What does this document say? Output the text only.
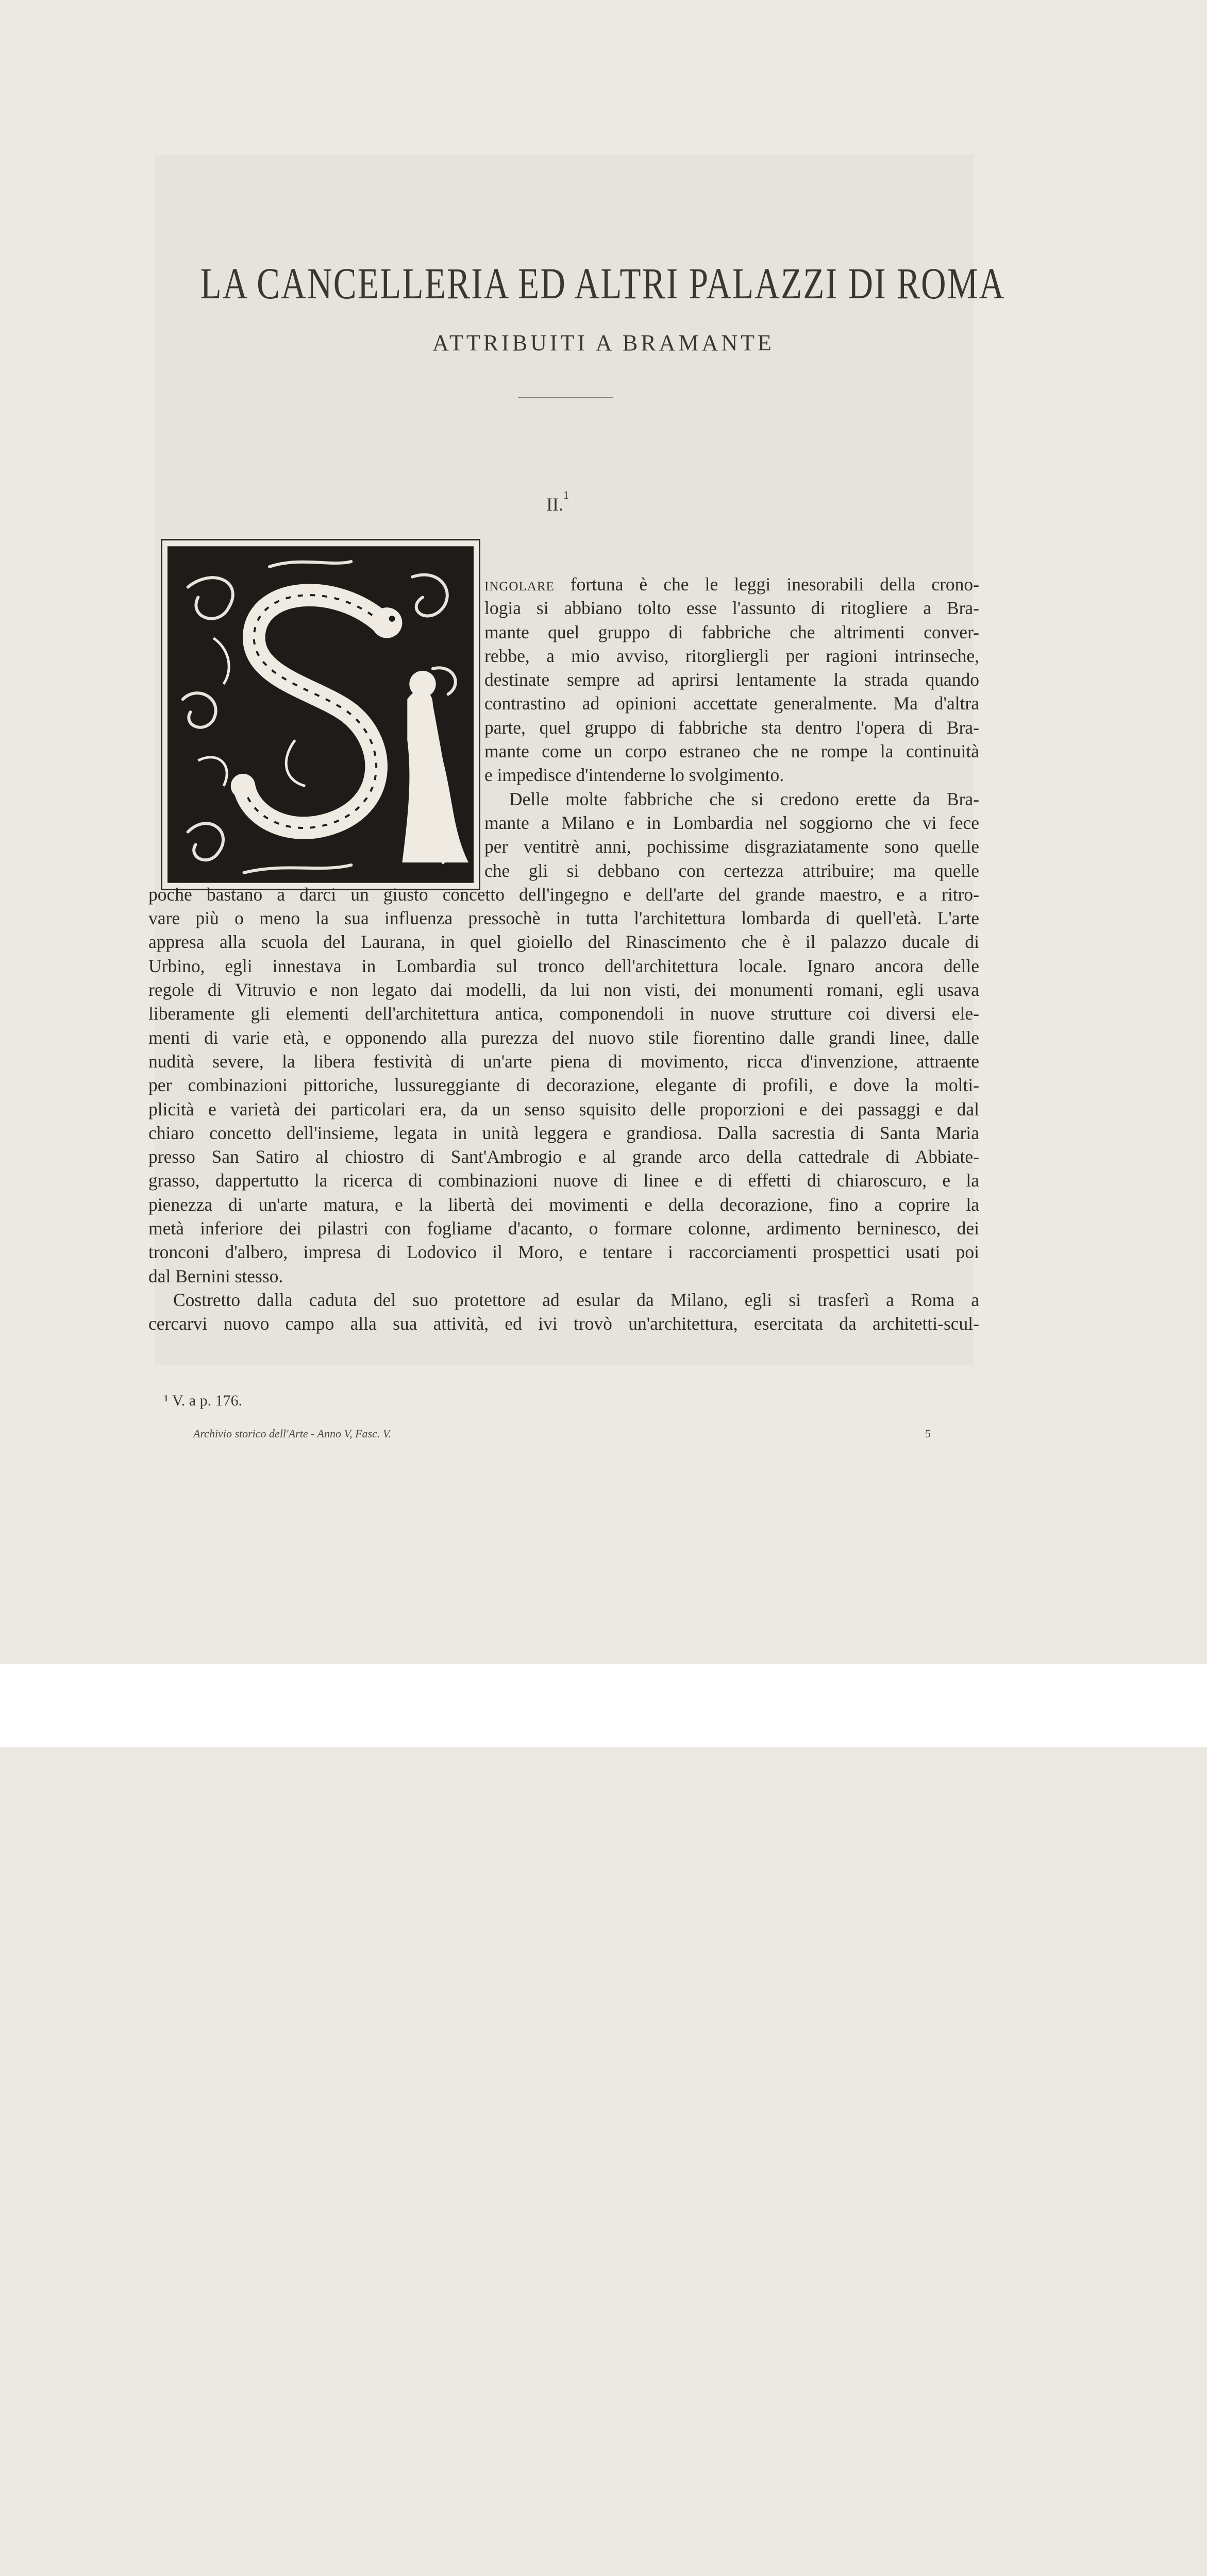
LA CANCELLERIA ED ALTRI PALAZZI DI ROMA
ATTRIBUITI A BRAMANTE
II.$^1$
ingolare fortuna è che le leggi inesorabili della crono-
logia si abbiano tolto esse l'assunto di ritogliere a Bra-
mante quel gruppo di fabbriche che altrimenti conver-
rebbe, a mio avviso, ritorgliergli per ragioni intrinseche,
destinate sempre ad aprirsi lentamente la strada quando
contrastino ad opinioni accettate generalmente. Ma d'altra
parte, quel gruppo di fabbriche sta dentro l'opera di Bra-
mante come un corpo estraneo che ne rompe la continuità
e impedisce d'intenderne lo svolgimento.
Delle molte fabbriche che si credono erette da Bra-
mante a Milano e in Lombardia nel soggiorno che vi fece
per ventitrè anni, pochissime disgraziatamente sono quelle
che gli si debbano con certezza attribuire; ma quelle
poche bastano a darci un giusto concetto dell'ingegno e dell'arte del grande maestro, e a ritro-
vare più o meno la sua influenza pressochè in tutta l'architettura lombarda di quell'età. L'arte
appresa alla scuola del Laurana, in quel gioiello del Rinascimento che è il palazzo ducale di
Urbino, egli innestava in Lombardia sul tronco dell'architettura locale. Ignaro ancora delle
regole di Vitruvio e non legato dai modelli, da lui non visti, dei monumenti romani, egli usava
liberamente gli elementi dell'architettura antica, componendoli in nuove strutture coi diversi ele-
menti di varie età, e opponendo alla purezza del nuovo stile fiorentino dalle grandi linee, dalle
nudità severe, la libera festività di un'arte piena di movimento, ricca d'invenzione, attraente
per combinazioni pittoriche, lussureggiante di decorazione, elegante di profili, e dove la molti-
plicità e varietà dei particolari era, da un senso squisito delle proporzioni e dei passaggi e dal
chiaro concetto dell'insieme, legata in unità leggera e grandiosa. Dalla sacrestia di Santa Maria
presso San Satiro al chiostro di Sant'Ambrogio e al grande arco della cattedrale di Abbiate-
grasso, dappertutto la ricerca di combinazioni nuove di linee e di effetti di chiaroscuro, e la
pienezza di un'arte matura, e la libertà dei movimenti e della decorazione, fino a coprire la
metà inferiore dei pilastri con fogliame d'acanto, o formare colonne, ardimento berninesco, dei
tronconi d'albero, impresa di Lodovico il Moro, e tentare i raccorciamenti prospettici usati poi
dal Bernini stesso.
Costretto dalla caduta del suo protettore ad esular da Milano, egli si trasferì a Roma a
cercarvi nuovo campo alla sua attività, ed ivi trovò un'architettura, esercitata da architetti-scul-
¹ V. a p. 176.
Archivio storico dell'Arte - Anno V, Fasc. V.	5
